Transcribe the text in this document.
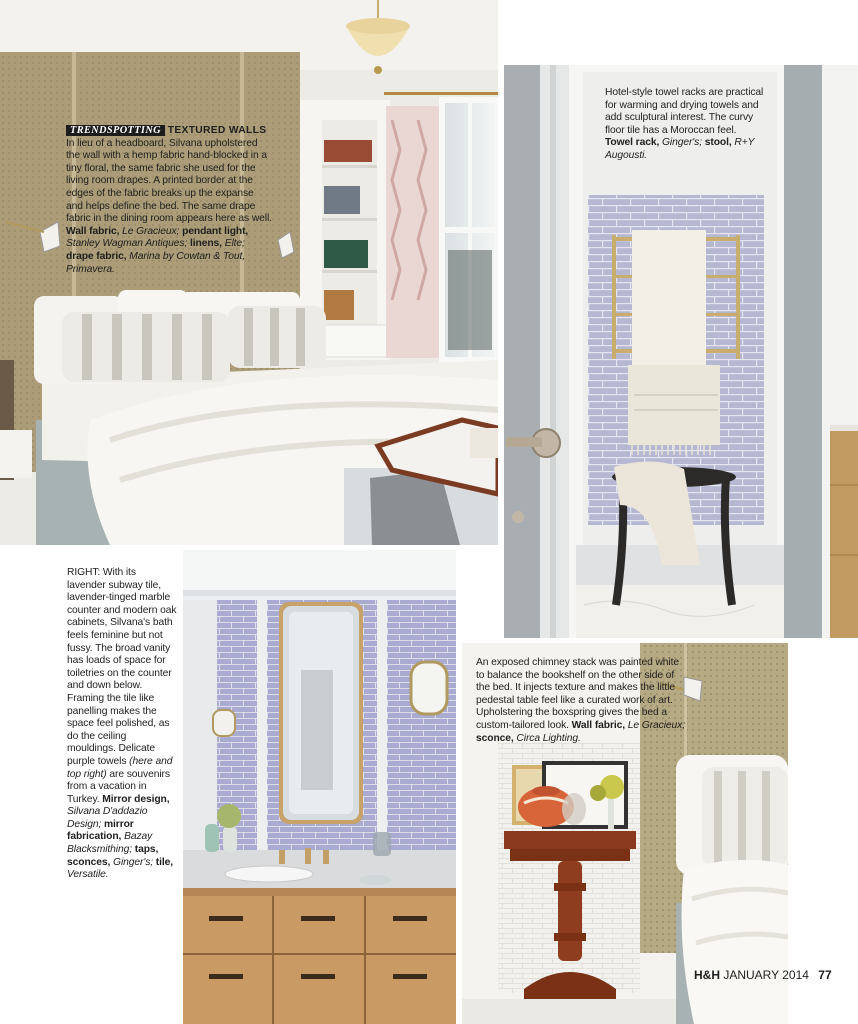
TRENDSPOTTING TEXTURED WALLS In lieu of a headboard, Silvana upholstered the wall with a hemp fabric hand-blocked in a tiny floral, the same fabric she used for the living room drapes. A printed border at the edges of the fabric breaks up the expanse and helps define the bed. The same drape fabric in the dining room appears here as well. Wall fabric, Le Gracieux; pendant light, Stanley Wagman Antiques; linens, Elte; drape fabric, Marina by Cowtan & Tout, Primavera.
Hotel-style towel racks are practical for warming and drying towels and add sculptural interest. The curvy floor tile has a Moroccan feel. Towel rack, Ginger's; stool, R+Y Augousti.
RIGHT: With its lavender subway tile, lavender-tinged marble counter and modern oak cabinets, Silvana's bath feels feminine but not fussy. The broad vanity has loads of space for toiletries on the counter and down below. Framing the tile like panelling makes the space feel polished, as do the ceiling mouldings. Delicate purple towels (here and top right) are souvenirs from a vacation in Turkey. Mirror design, Silvana D'addazio Design; mirror fabrication, Bazay Blacksmithing; taps, sconces, Ginger's; tile, Versatile.
An exposed chimney stack was painted white to balance the bookshelf on the other side of the bed. It injects texture and makes the little pedestal table feel like a curated work of art. Upholstering the boxspring gives the bed a custom-tailored look. Wall fabric, Le Gracieux; sconce, Circa Lighting.
H&H JANUARY 2014 77
